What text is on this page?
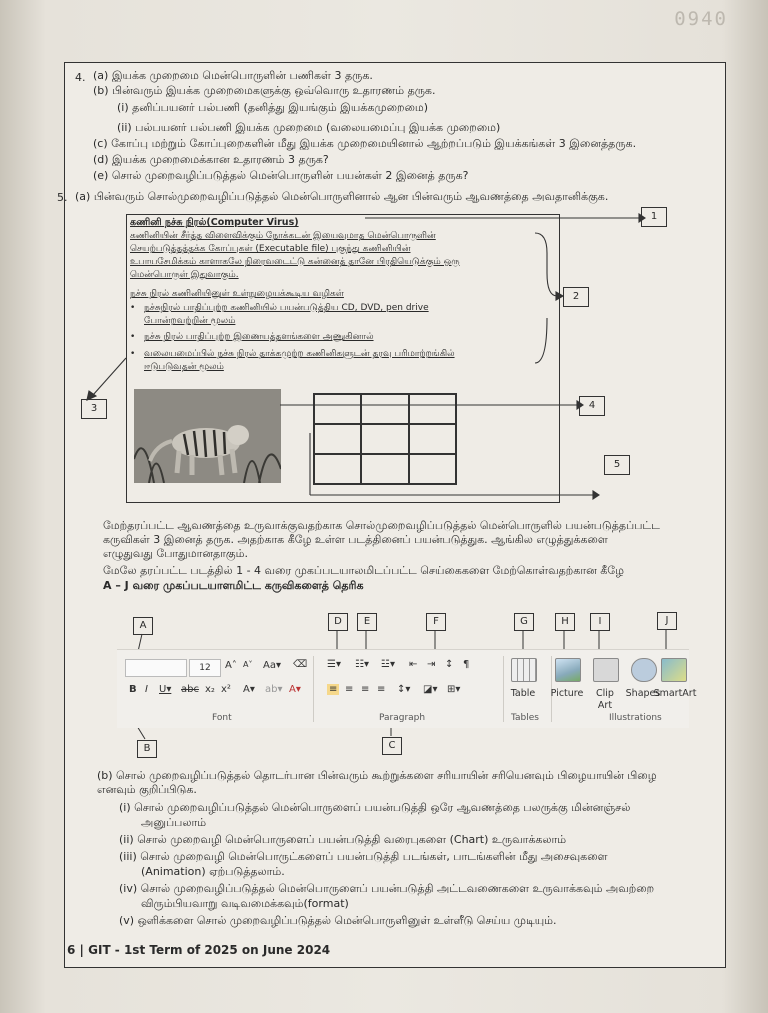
0940
4. (a) இயக்க முறைமை மென்பொருளின் பணிகள் 3 தருக.
(b) பின்வரும் இயக்க முறைமைகளுக்கு ஒவ்வொரு உதாரணம் தருக.
(i) தனிப்பயனர் பல்பணி (தனித்து இயங்கும் இயக்கமுறைமை)
(ii) பல்பயனர் பல்பணி இயக்க முறைமை (வலையமைப்பு இயக்க முறைமை)
(c) கோப்பு மற்றும் கோப்புறைகளின் மீது இயக்க முறைமையினால் ஆற்றப்படும் இயக்கங்கள் 3 இனைத்தருக.
(d) இயக்க முறைமைக்கான உதாரணம் 3 தருக?
(e) சொல் முறைவழிப்படுத்தல் மென்பொருளின் பயன்கள் 2 இனைத் தருக?
5. (a) பின்வரும் சொல்முறைவழிப்படுத்தல் மென்பொருளினால் ஆன பின்வரும் ஆவணத்தை அவதானிக்குக.
கணினி நச்சு நிரல்(Computer Virus)
கணினியின் சீர்த்த விளைவிக்கும் நோக்கடன் இயைவுமாத மென்பொருளின்
செயற்படுத்தத்தக்க கோப்புகள் (Executable file) புகுந்து கணினியின்
உபாயசேமிக்கம் காளாகலே நிரைவடைட்டு கன்னைத் தானே பிரதியெடுக்கும் ஒரு
மென்பொருள் இதுவாகும்.
நச்சு நிரல் கணினியினுள் உள்நுழையக்கூடிய வழிகள்
• நச்சுநிரல் பாதிப்புற்ற கணினியில் பயன்படுத்திய CD, DVD, pen drive
போன்றவற்றின் மூலம்
• நச்சு நிரல் பாதிப்புற்ற இணையத்தளங்களை அணுகினால்
• வலையமைப்பில் நச்சு நிரல் தாக்கமுற்ற கணினிகளுடன் தரவு பரிமாற்றங்கில்
ஈடுபடுவதன் மூலம்
1
2
3	4
5
மேற்தரப்பட்ட ஆவணத்தை உருவாக்குவதற்காக சொல்முறைவழிப்படுத்தல் மென்பொருளில் பயன்படுத்தப்பட்ட
கருவிகள் 3 இனைத் தருக. அதற்காக கீழே உள்ள படத்தினைப் பயன்படுத்துக. ஆங்கில எழுத்துக்களை
எழுதுவது போதுமானதாகும்.
மேலே தரப்பட்ட படத்தில் 1 - 4 வரை முகப்படயாலமிடப்பட்ட செய்கைகளை மேற்கொள்வதற்கான கீழே
A – J வரை முகப்படயாளமிட்ட கருவிகளைத் தெரிக
A
B	C
D	E	F	G	H	I	J
12	A˄ A˅ Aa▾ ⌫
B I U▾ abc x₂ x² A▾ ab▾ A▾
Font
☰▾ ☷▾ ☳▾ ⇤ ⇥ ↕ ¶
≡ ≡ ≡ ≡ ↕▾ ◪▾ ⊞▾
Paragraph
Table
Tables
Picture	Clip
Art
Shapes
SmartArt
Illustrations
(b) சொல் முறைவழிப்படுத்தல் தொடர்பான பின்வரும் கூற்றுக்களை சரியாயின் சரியெனவும் பிழையாயின் பிழை
எனவும் குறிப்பிடுக.
(i) சொல் முறைவழிப்படுத்தல் மென்பொருளைப் பயன்படுத்தி ஒரே ஆவணத்தை பலருக்கு மின்னஞ்சல்
அனுப்பலாம்
(ii) சொல் முறைவழி மென்பொருளைப் பயன்படுத்தி வரைபுகளை (Chart) உருவாக்கலாம்
(iii) சொல் முறைவழி மென்பொருட்களைப் பயன்படுத்தி படங்கள், பாடங்களின் மீது அசைவுகளை
(Animation) ஏற்படுத்தலாம்.
(iv) சொல் முறைவழிப்படுத்தல் மென்பொருளைப் பயன்படுத்தி அட்டவணைகளை உருவாக்கவும் அவற்றை
விரும்பியவாறு வடிவமைக்கவும்(format)
(v) ஒளிக்களை சொல் முறைவழிப்படுத்தல் மென்பொருளினுள் உள்ளீடு செய்ய முடியும்.
6 | GIT - 1st Term of 2025 on June 2024
